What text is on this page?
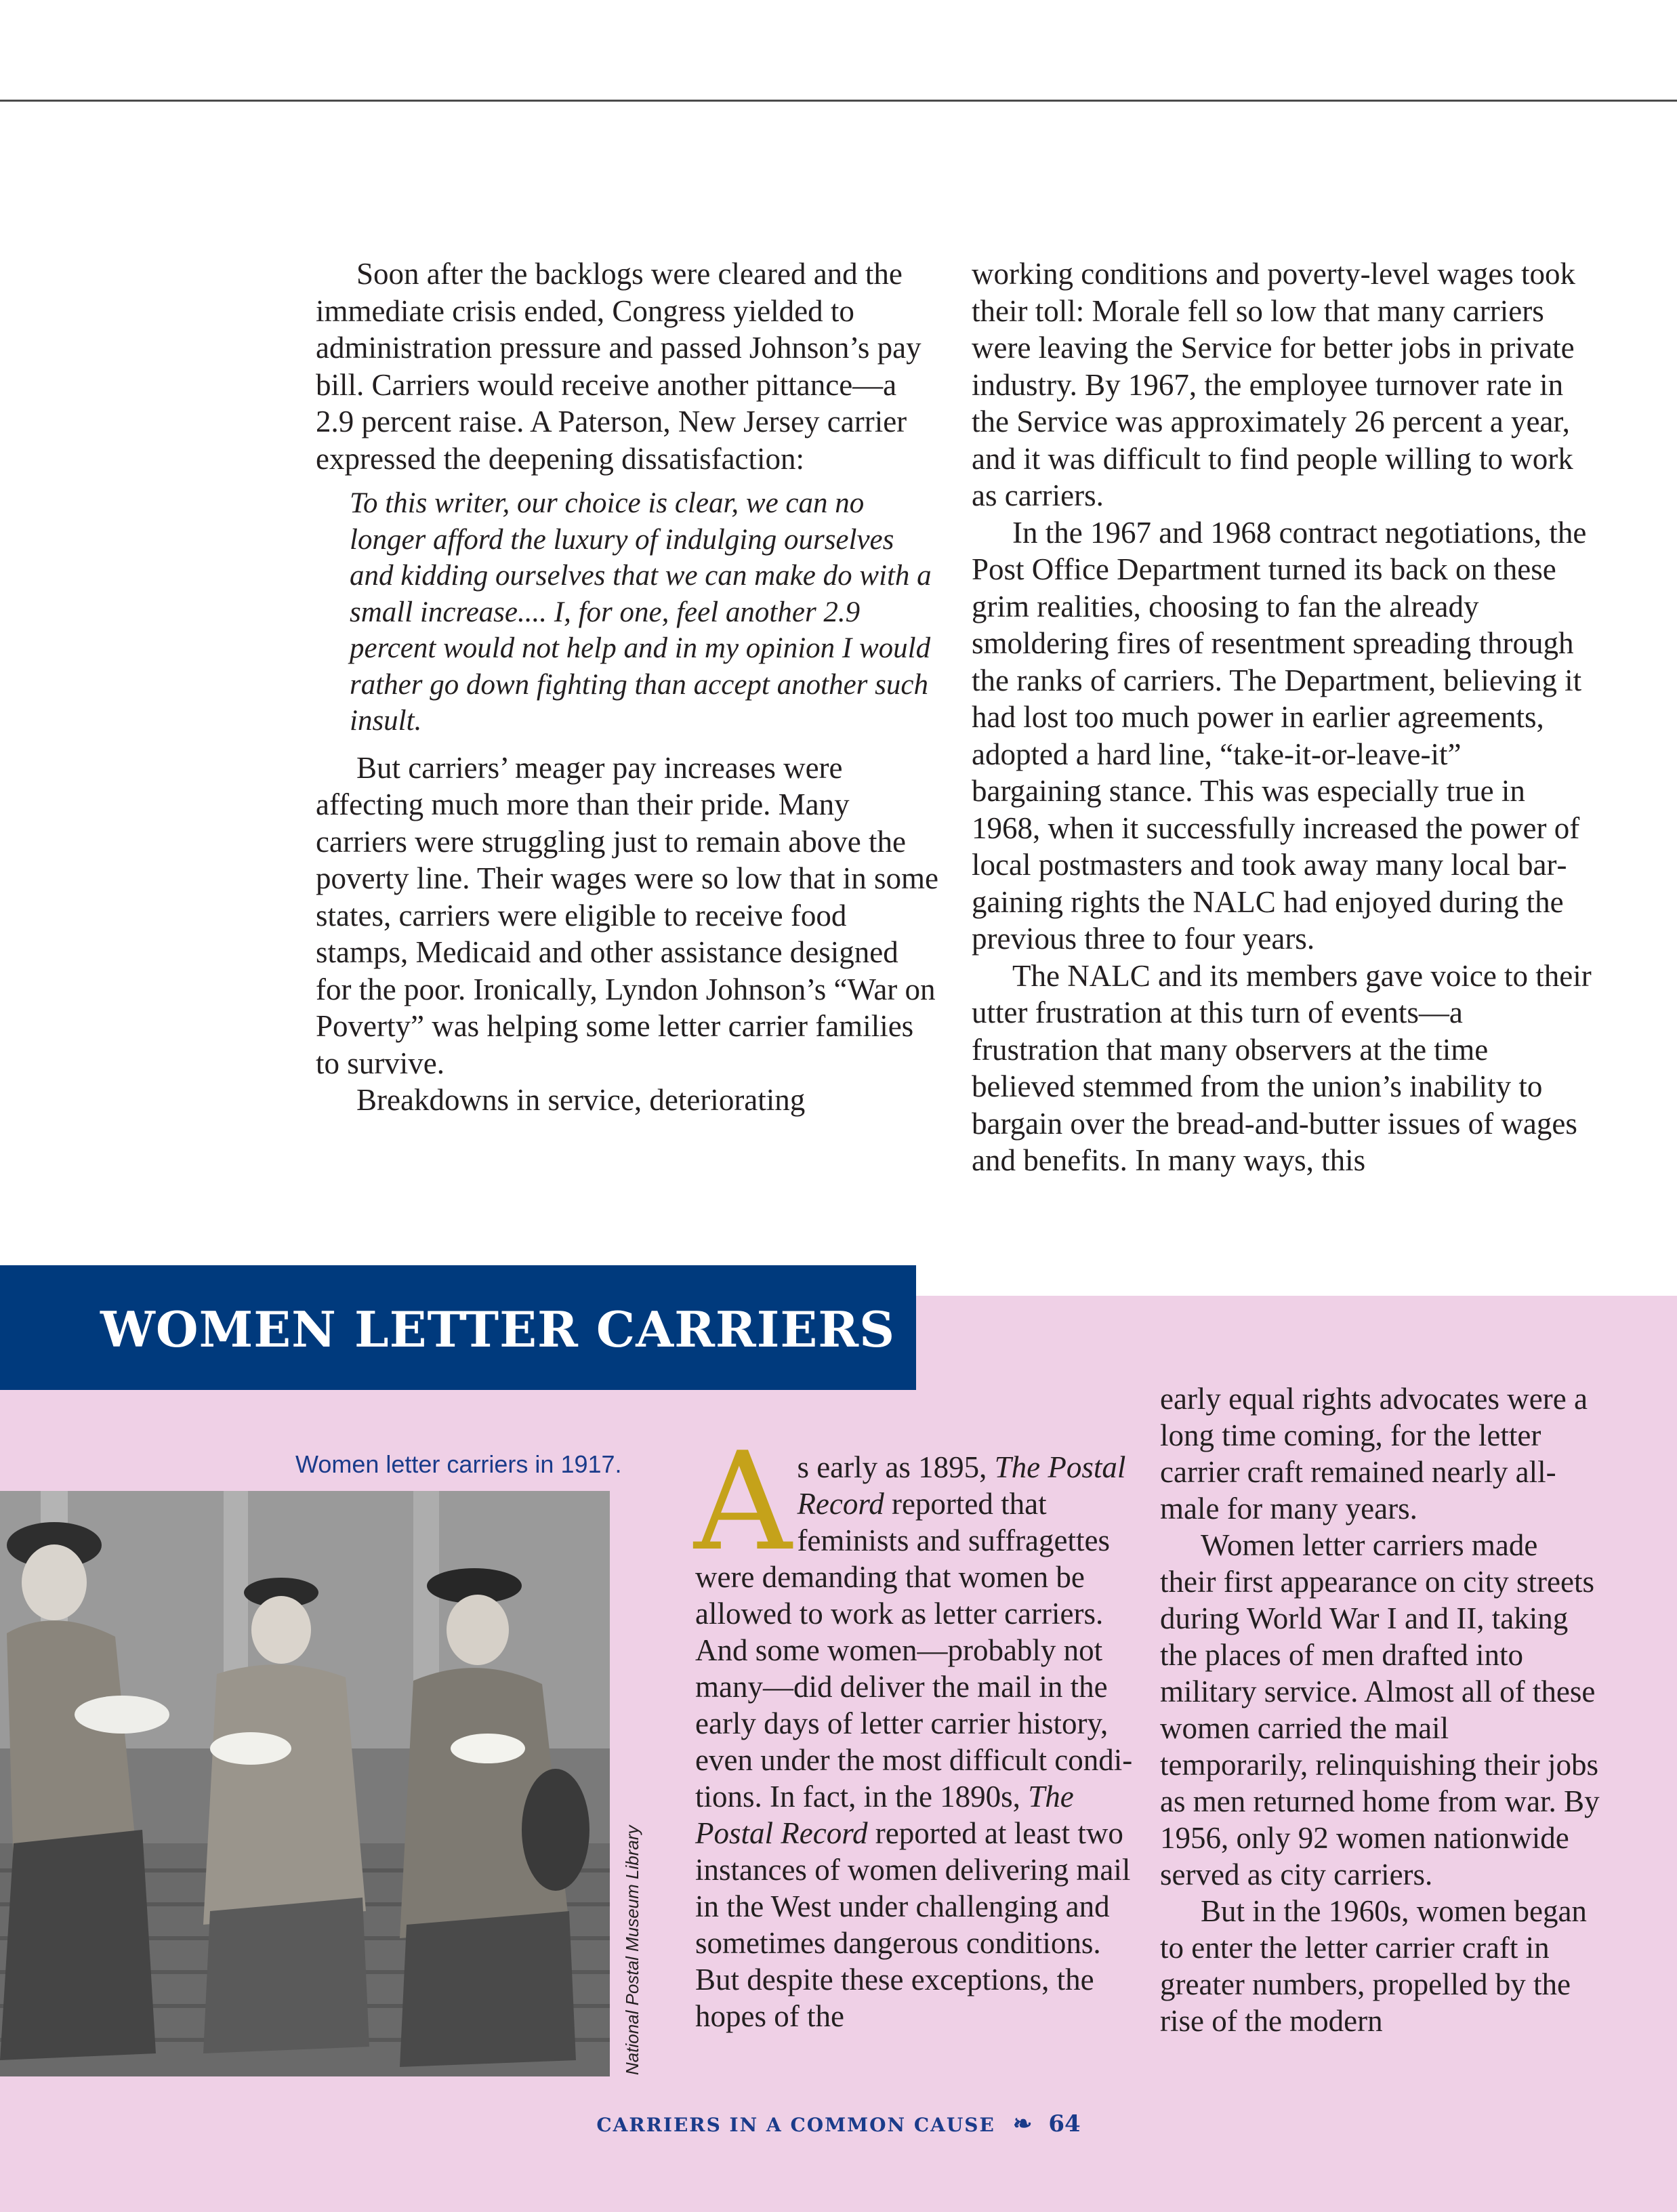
Soon after the backlogs were cleared and the immediate crisis ended, Congress yielded to administration pressure and passed Johnson’s pay bill. Carriers would receive another pittance—a 2.9 percent raise. A Paterson, New Jersey carrier expressed the deepening dissatisfaction:

To this writer, our choice is clear, we can no longer afford the luxury of indulging ourselves and kidding ourselves that we can make do with a small increase.... I, for one, feel another 2.9 percent would not help and in my opinion I would rather go down fighting than accept another such insult.

But carriers’ meager pay increases were affecting much more than their pride. Many carriers were struggling just to remain above the poverty line. Their wages were so low that in some states, carriers were eligible to receive food stamps, Medicaid and other assistance designed for the poor. Ironically, Lyndon Johnson’s “War on Poverty” was helping some letter carrier families to survive.

Breakdowns in service, deteriorating

working conditions and poverty-level wages took their toll: Morale fell so low that many carriers were leaving the Service for better jobs in private industry. By 1967, the employee turnover rate in the Service was approximately 26 percent a year, and it was difficult to find people willing to work as carriers.

In the 1967 and 1968 contract negotiations, the Post Office Department turned its back on these grim realities, choosing to fan the already smoldering fires of resentment spreading through the ranks of carriers. The Department, believing it had lost too much power in earlier agreements, adopted a hard line, “take-it-or-leave-it” bargaining stance. This was especially true in 1968, when it successfully increased the power of local postmasters and took away many local bargaining rights the NALC had enjoyed during the previous three to four years.

The NALC and its members gave voice to their utter frustration at this turn of events—a frustration that many observers at the time believed stemmed from the union’s inability to bargain over the bread-and-butter issues of wages and benefits. In many ways, this

WOMEN LETTER CARRIERS
Women letter carriers in 1917.
National Postal Museum Library

As early as 1895, The Postal Record reported that feminists and suffragettes were demanding that women be allowed to work as letter carriers. And some women—probably not many—did deliver the mail in the early days of letter carrier history, even under the most difficult conditions. In fact, in the 1890s, The Postal Record reported at least two instances of women delivering mail in the West under challenging and sometimes dangerous conditions. But despite these exceptions, the hopes of the

early equal rights advocates were a long time coming, for the letter carrier craft remained nearly all-male for many years.

Women letter carriers made their first appearance on city streets during World War I and II, taking the places of men drafted into military service. Almost all of these women carried the mail temporarily, relinquishing their jobs as men returned home from war. By 1956, only 92 women nationwide served as city carriers.

But in the 1960s, women began to enter the letter carrier craft in greater numbers, propelled by the rise of the modern

CARRIERS IN A COMMON CAUSE ❧ 64
